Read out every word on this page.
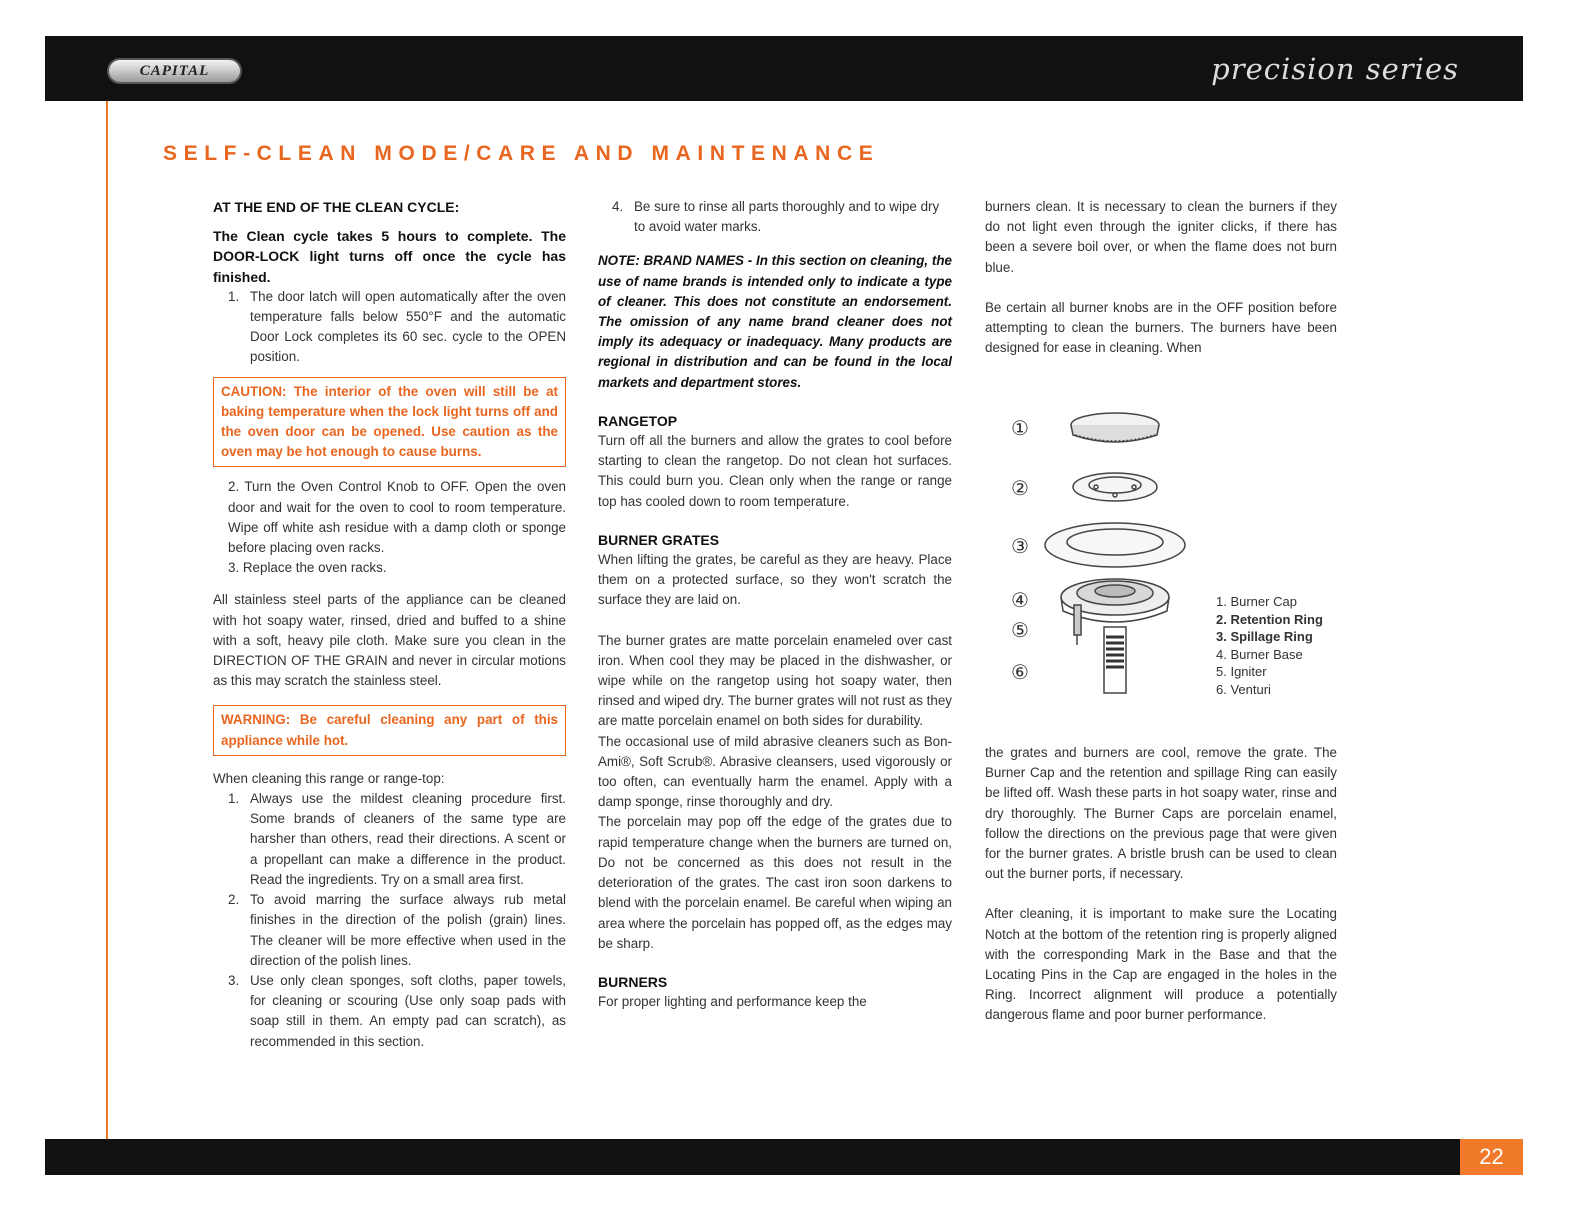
CAPITAL	precision series
SELF-CLEAN MODE/CARE AND MAINTENANCE

AT THE END OF THE CLEAN CYCLE:

The Clean cycle takes 5 hours to complete. The DOOR-LOCK light turns off once the cycle has finished.

1. The door latch will open automatically after the oven temperature falls below 550°F and the automatic Door Lock completes its 60 sec. cycle to the OPEN position.

CAUTION: The interior of the oven will still be at baking temperature when the lock light turns off and the oven door can be opened. Use caution as the oven may be hot enough to cause burns.

2. Turn the Oven Control Knob to OFF. Open the oven door and wait for the oven to cool to room temperature. Wipe off white ash residue with a damp cloth or sponge before placing oven racks.

3. Replace the oven racks.

All stainless steel parts of the appliance can be cleaned with hot soapy water, rinsed, dried and buffed to a shine with a soft, heavy pile cloth. Make sure you clean in the DIRECTION OF THE GRAIN and never in circular motions as this may scratch the stainless steel.

WARNING: Be careful cleaning any part of this appliance while hot.

When cleaning this range or range-top:

1. Always use the mildest cleaning procedure first. Some brands of cleaners of the same type are harsher than others, read their directions. A scent or a propellant can make a difference in the product. Read the ingredients. Try on a small area first.
2. To avoid marring the surface always rub metal finishes in the direction of the polish (grain) lines. The cleaner will be more effective when used in the direction of the polish lines.
3. Use only clean sponges, soft cloths, paper towels, for cleaning or scouring (Use only soap pads with soap still in them. An empty pad can scratch), as recommended in this section.
4. Be sure to rinse all parts thoroughly and to wipe dry to avoid water marks.

NOTE: BRAND NAMES - In this section on cleaning, the use of name brands is intended only to indicate a type of cleaner. This does not constitute an endorsement. The omission of any name brand cleaner does not imply its adequacy or inadequacy. Many products are regional in distribution and can be found in the local markets and department stores.

RANGETOP

Turn off all the burners and allow the grates to cool before starting to clean the rangetop. Do not clean hot surfaces. This could burn you. Clean only when the range or range top has cooled down to room temperature.

BURNER GRATES

When lifting the grates, be careful as they are heavy. Place them on a protected surface, so they won't scratch the surface they are laid on.

The burner grates are matte porcelain enameled over cast iron. When cool they may be placed in the dishwasher, or wipe while on the rangetop using hot soapy water, then rinsed and wiped dry. The burner grates will not rust as they are matte porcelain enamel on both sides for durability.

The occasional use of mild abrasive cleaners such as Bon-Ami®, Soft Scrub®. Abrasive cleansers, used vigorously or too often, can eventually harm the enamel. Apply with a damp sponge, rinse thoroughly and dry.

The porcelain may pop off the edge of the grates due to rapid temperature change when the burners are turned on, Do not be concerned as this does not result in the deterioration of the grates. The cast iron soon darkens to blend with the porcelain enamel. Be careful when wiping an area where the porcelain has popped off, as the edges may be sharp.

BURNERS

For proper lighting and performance keep the

burners clean. It is necessary to clean the burners if they do not light even through the igniter clicks, if there has been a severe boil over, or when the flame does not burn blue.

Be certain all burner knobs are in the OFF position before attempting to clean the burners. The burners have been designed for ease in cleaning. When

①
②
③
④
⑤
⑥
1. Burner Cap
2. Retention Ring
3. Spillage Ring
4. Burner Base
5. Igniter
6. Venturi

the grates and burners are cool, remove the grate. The Burner Cap and the retention and spillage Ring can easily be lifted off. Wash these parts in hot soapy water, rinse and dry thoroughly. The Burner Caps are porcelain enamel, follow the directions on the previous page that were given for the burner grates. A bristle brush can be used to clean out the burner ports, if necessary.

After cleaning, it is important to make sure the Locating Notch at the bottom of the retention ring is properly aligned with the corresponding Mark in the Base and that the Locating Pins in the Cap are engaged in the holes in the Ring. Incorrect alignment will produce a potentially dangerous flame and poor burner performance.

22
